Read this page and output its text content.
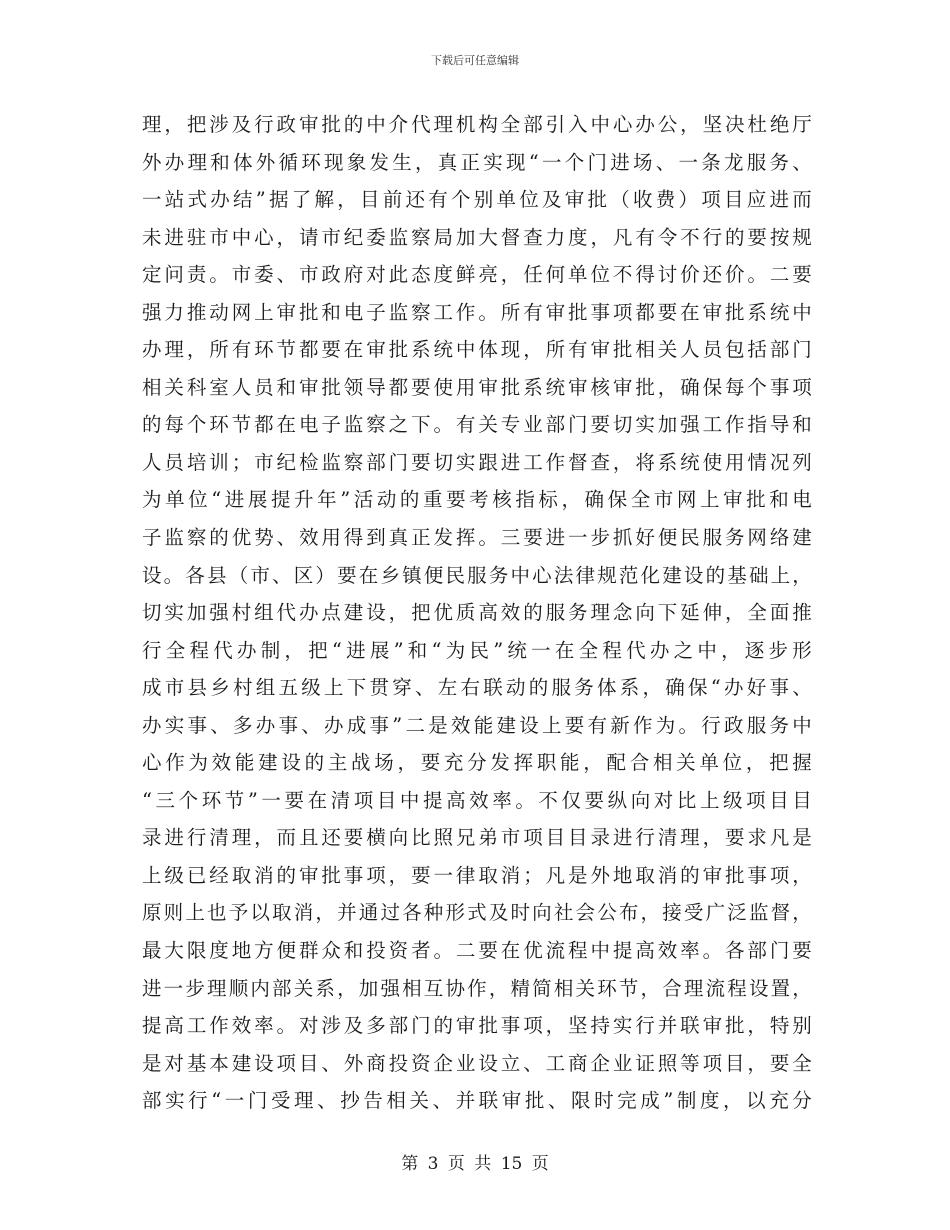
下载后可任意编辑
理，把涉及行政审批的中介代理机构全部引入中心办公，坚决杜绝厅
外办理和体外循环现象发生，真正实现“一个门进场、一条龙服务、
一站式办结”据了解，目前还有个别单位及审批（收费）项目应进而
未进驻市中心，请市纪委监察局加大督查力度，凡有令不行的要按规
定问责。市委、市政府对此态度鲜亮，任何单位不得讨价还价。二要
强力推动网上审批和电子监察工作。所有审批事项都要在审批系统中
办理，所有环节都要在审批系统中体现，所有审批相关人员包括部门
相关科室人员和审批领导都要使用审批系统审核审批，确保每个事项
的每个环节都在电子监察之下。有关专业部门要切实加强工作指导和
人员培训；市纪检监察部门要切实跟进工作督查，将系统使用情况列
为单位“进展提升年”活动的重要考核指标，确保全市网上审批和电
子监察的优势、效用得到真正发挥。三要进一步抓好便民服务网络建
设。各县（市、区）要在乡镇便民服务中心法律规范化建设的基础上，
切实加强村组代办点建设，把优质高效的服务理念向下延伸，全面推
行全程代办制，把“进展”和“为民”统一在全程代办之中，逐步形
成市县乡村组五级上下贯穿、左右联动的服务体系，确保“办好事、
办实事、多办事、办成事”二是效能建设上要有新作为。行政服务中
心作为效能建设的主战场，要充分发挥职能，配合相关单位，把握
“三个环节”一要在清项目中提高效率。不仅要纵向对比上级项目目
录进行清理，而且还要横向比照兄弟市项目目录进行清理，要求凡是
上级已经取消的审批事项，要一律取消；凡是外地取消的审批事项，
原则上也予以取消，并通过各种形式及时向社会公布，接受广泛监督，
最大限度地方便群众和投资者。二要在优流程中提高效率。各部门要
进一步理顺内部关系，加强相互协作，精简相关环节，合理流程设置，
提高工作效率。对涉及多部门的审批事项，坚持实行并联审批，特别
是对基本建设项目、外商投资企业设立、工商企业证照等项目，要全
部实行“一门受理、抄告相关、并联审批、限时完成”制度，以充分
第 3 页 共 15 页
